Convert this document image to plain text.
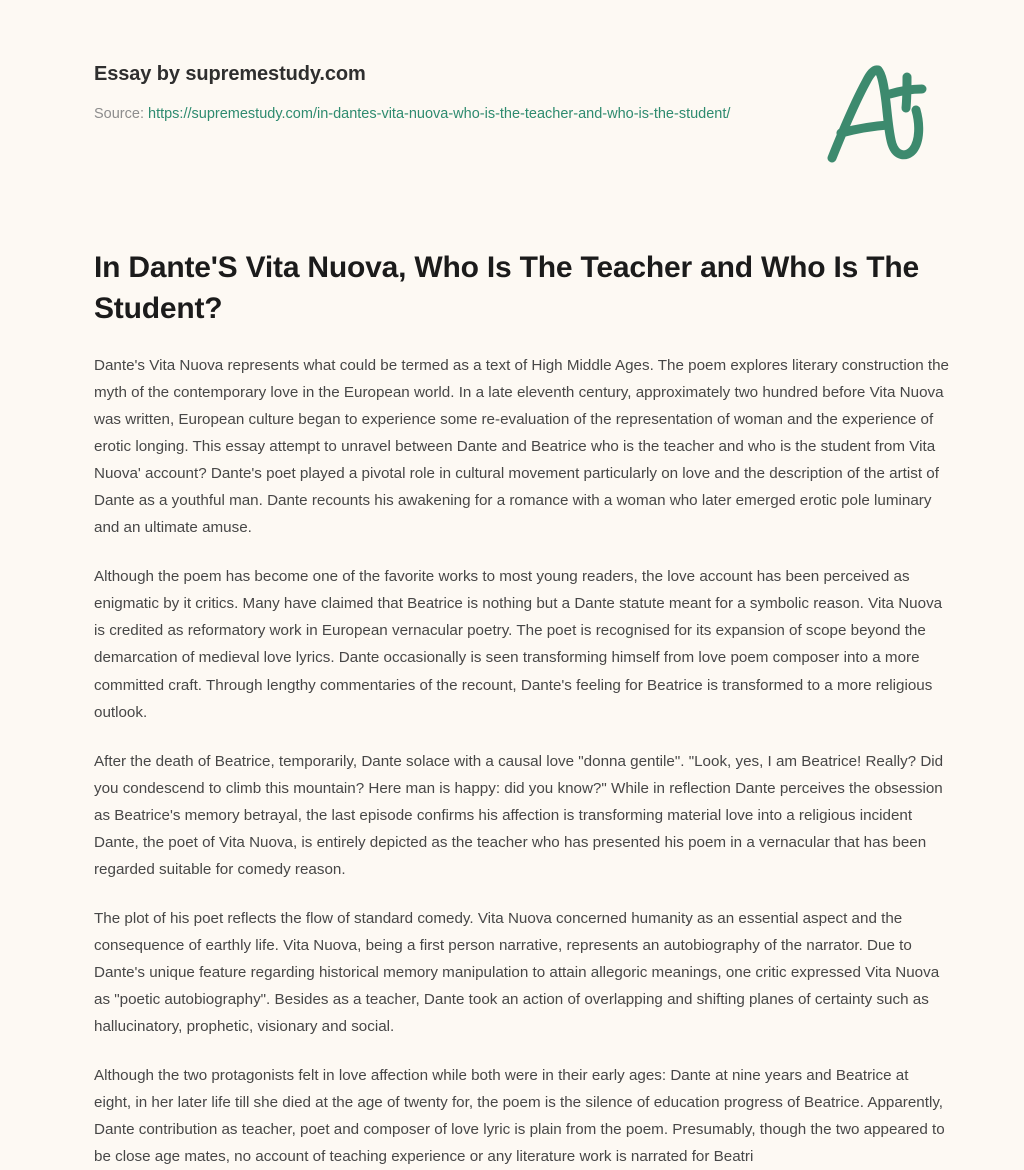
Essay by supremestudy.com

Source: https://supremestudy.com/in-dantes-vita-nuova-who-is-the-teacher-and-who-is-the-student/

In Dante'S Vita Nuova, Who Is The Teacher and Who Is The Student?

Dante's Vita Nuova represents what could be termed as a text of High Middle Ages. The poem explores literary construction the myth of the contemporary love in the European world. In a late eleventh century, approximately two hundred before Vita Nuova was written, European culture began to experience some re-evaluation of the representation of woman and the experience of erotic longing. This essay attempt to unravel between Dante and Beatrice who is the teacher and who is the student from Vita Nuova' account? Dante's poet played a pivotal role in cultural movement particularly on love and the description of the artist of Dante as a youthful man. Dante recounts his awakening for a romance with a woman who later emerged erotic pole luminary and an ultimate amuse.

Although the poem has become one of the favorite works to most young readers, the love account has been perceived as enigmatic by it critics. Many have claimed that Beatrice is nothing but a Dante statute meant for a symbolic reason. Vita Nuova is credited as reformatory work in European vernacular poetry. The poet is recognised for its expansion of scope beyond the demarcation of medieval love lyrics. Dante occasionally is seen transforming himself from love poem composer into a more committed craft. Through lengthy commentaries of the recount, Dante's feeling for Beatrice is transformed to a more religious outlook.

After the death of Beatrice, temporarily, Dante solace with a causal love "donna gentile". "Look, yes, I am Beatrice! Really? Did you condescend to climb this mountain? Here man is happy: did you know?" While in reflection Dante perceives the obsession as Beatrice's memory betrayal, the last episode confirms his affection is transforming material love into a religious incident Dante, the poet of Vita Nuova, is entirely depicted as the teacher who has presented his poem in a vernacular that has been regarded suitable for comedy reason.

The plot of his poet reflects the flow of standard comedy. Vita Nuova concerned humanity as an essential aspect and the consequence of earthly life. Vita Nuova, being a first person narrative, represents an autobiography of the narrator. Due to Dante's unique feature regarding historical memory manipulation to attain allegoric meanings, one critic expressed Vita Nuova as "poetic autobiography". Besides as a teacher, Dante took an action of overlapping and shifting planes of certainty such as hallucinatory, prophetic, visionary and social.

Although the two protagonists felt in love affection while both were in their early ages: Dante at nine years and Beatrice at eight, in her later life till she died at the age of twenty for, the poem is the silence of education progress of Beatrice. Apparently, Dante contribution as teacher, poet and composer of love lyric is plain from the poem. Presumably, though the two appeared to be close age mates, no account of teaching experience or any literature work is narrated for Beatri
